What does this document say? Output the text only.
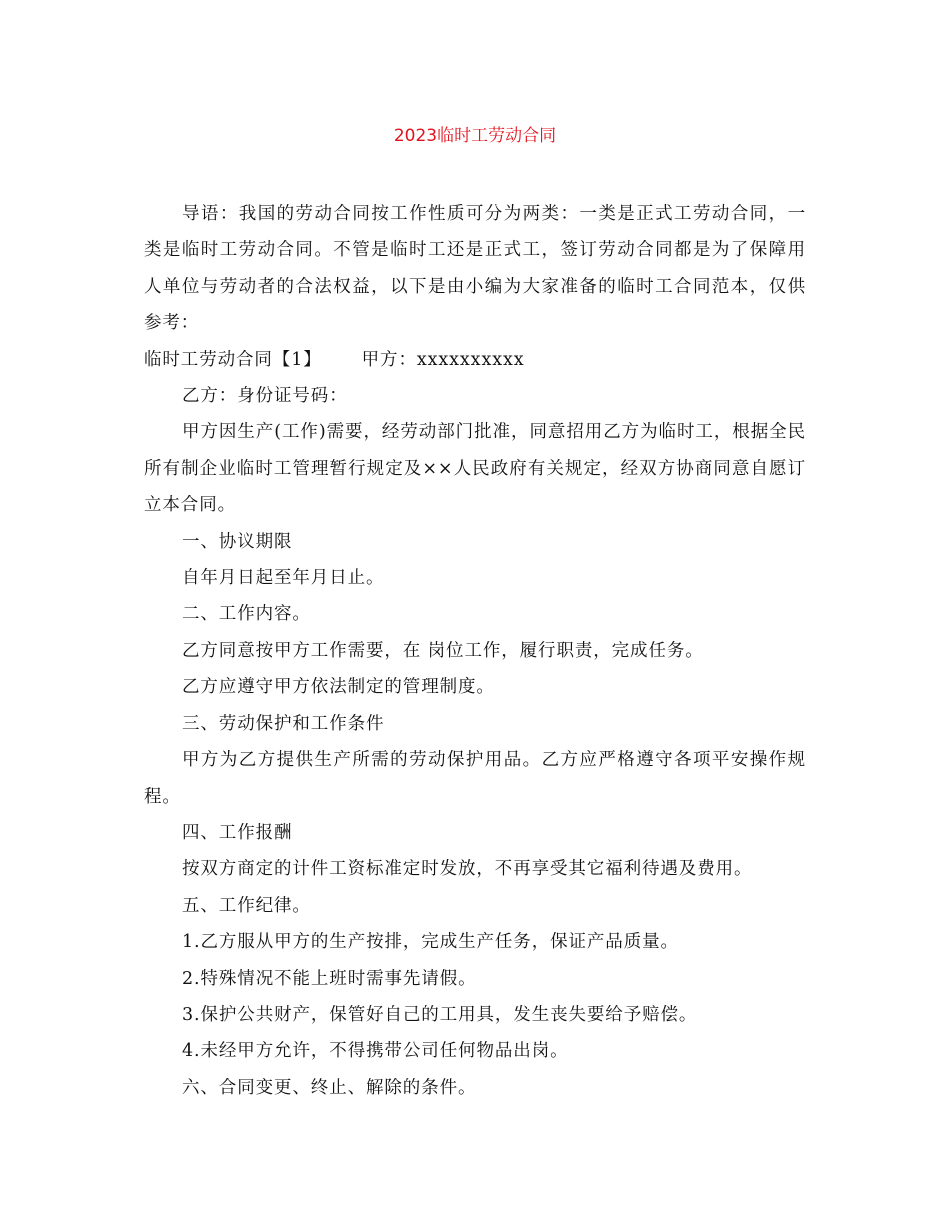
2023临时工劳动合同

导语：我国的劳动合同按工作性质可分为两类：一类是正式工劳动合同，一类是临时工劳动合同。不管是临时工还是正式工，签订劳动合同都是为了保障用人单位与劳动者的合法权益，以下是由小编为大家准备的临时工合同范本，仅供参考：

临时工劳动合同【1】 甲方：xxxxxxxxxx

乙方：身份证号码：

甲方因生产(工作)需要，经劳动部门批准，同意招用乙方为临时工，根据全民所有制企业临时工管理暂行规定及××人民政府有关规定，经双方协商同意自愿订立本合同。

一、协议期限

自年月日起至年月日止。

二、工作内容。

乙方同意按甲方工作需要，在 岗位工作，履行职责，完成任务。

乙方应遵守甲方依法制定的管理制度。

三、劳动保护和工作条件

甲方为乙方提供生产所需的劳动保护用品。乙方应严格遵守各项平安操作规程。

四、工作报酬

按双方商定的计件工资标准定时发放，不再享受其它福利待遇及费用。

五、工作纪律。

1.乙方服从甲方的生产按排，完成生产任务，保证产品质量。

2.特殊情况不能上班时需事先请假。

3.保护公共财产，保管好自己的工用具，发生丧失要给予赔偿。

4.未经甲方允许，不得携带公司任何物品出岗。

六、合同变更、终止、解除的条件。
